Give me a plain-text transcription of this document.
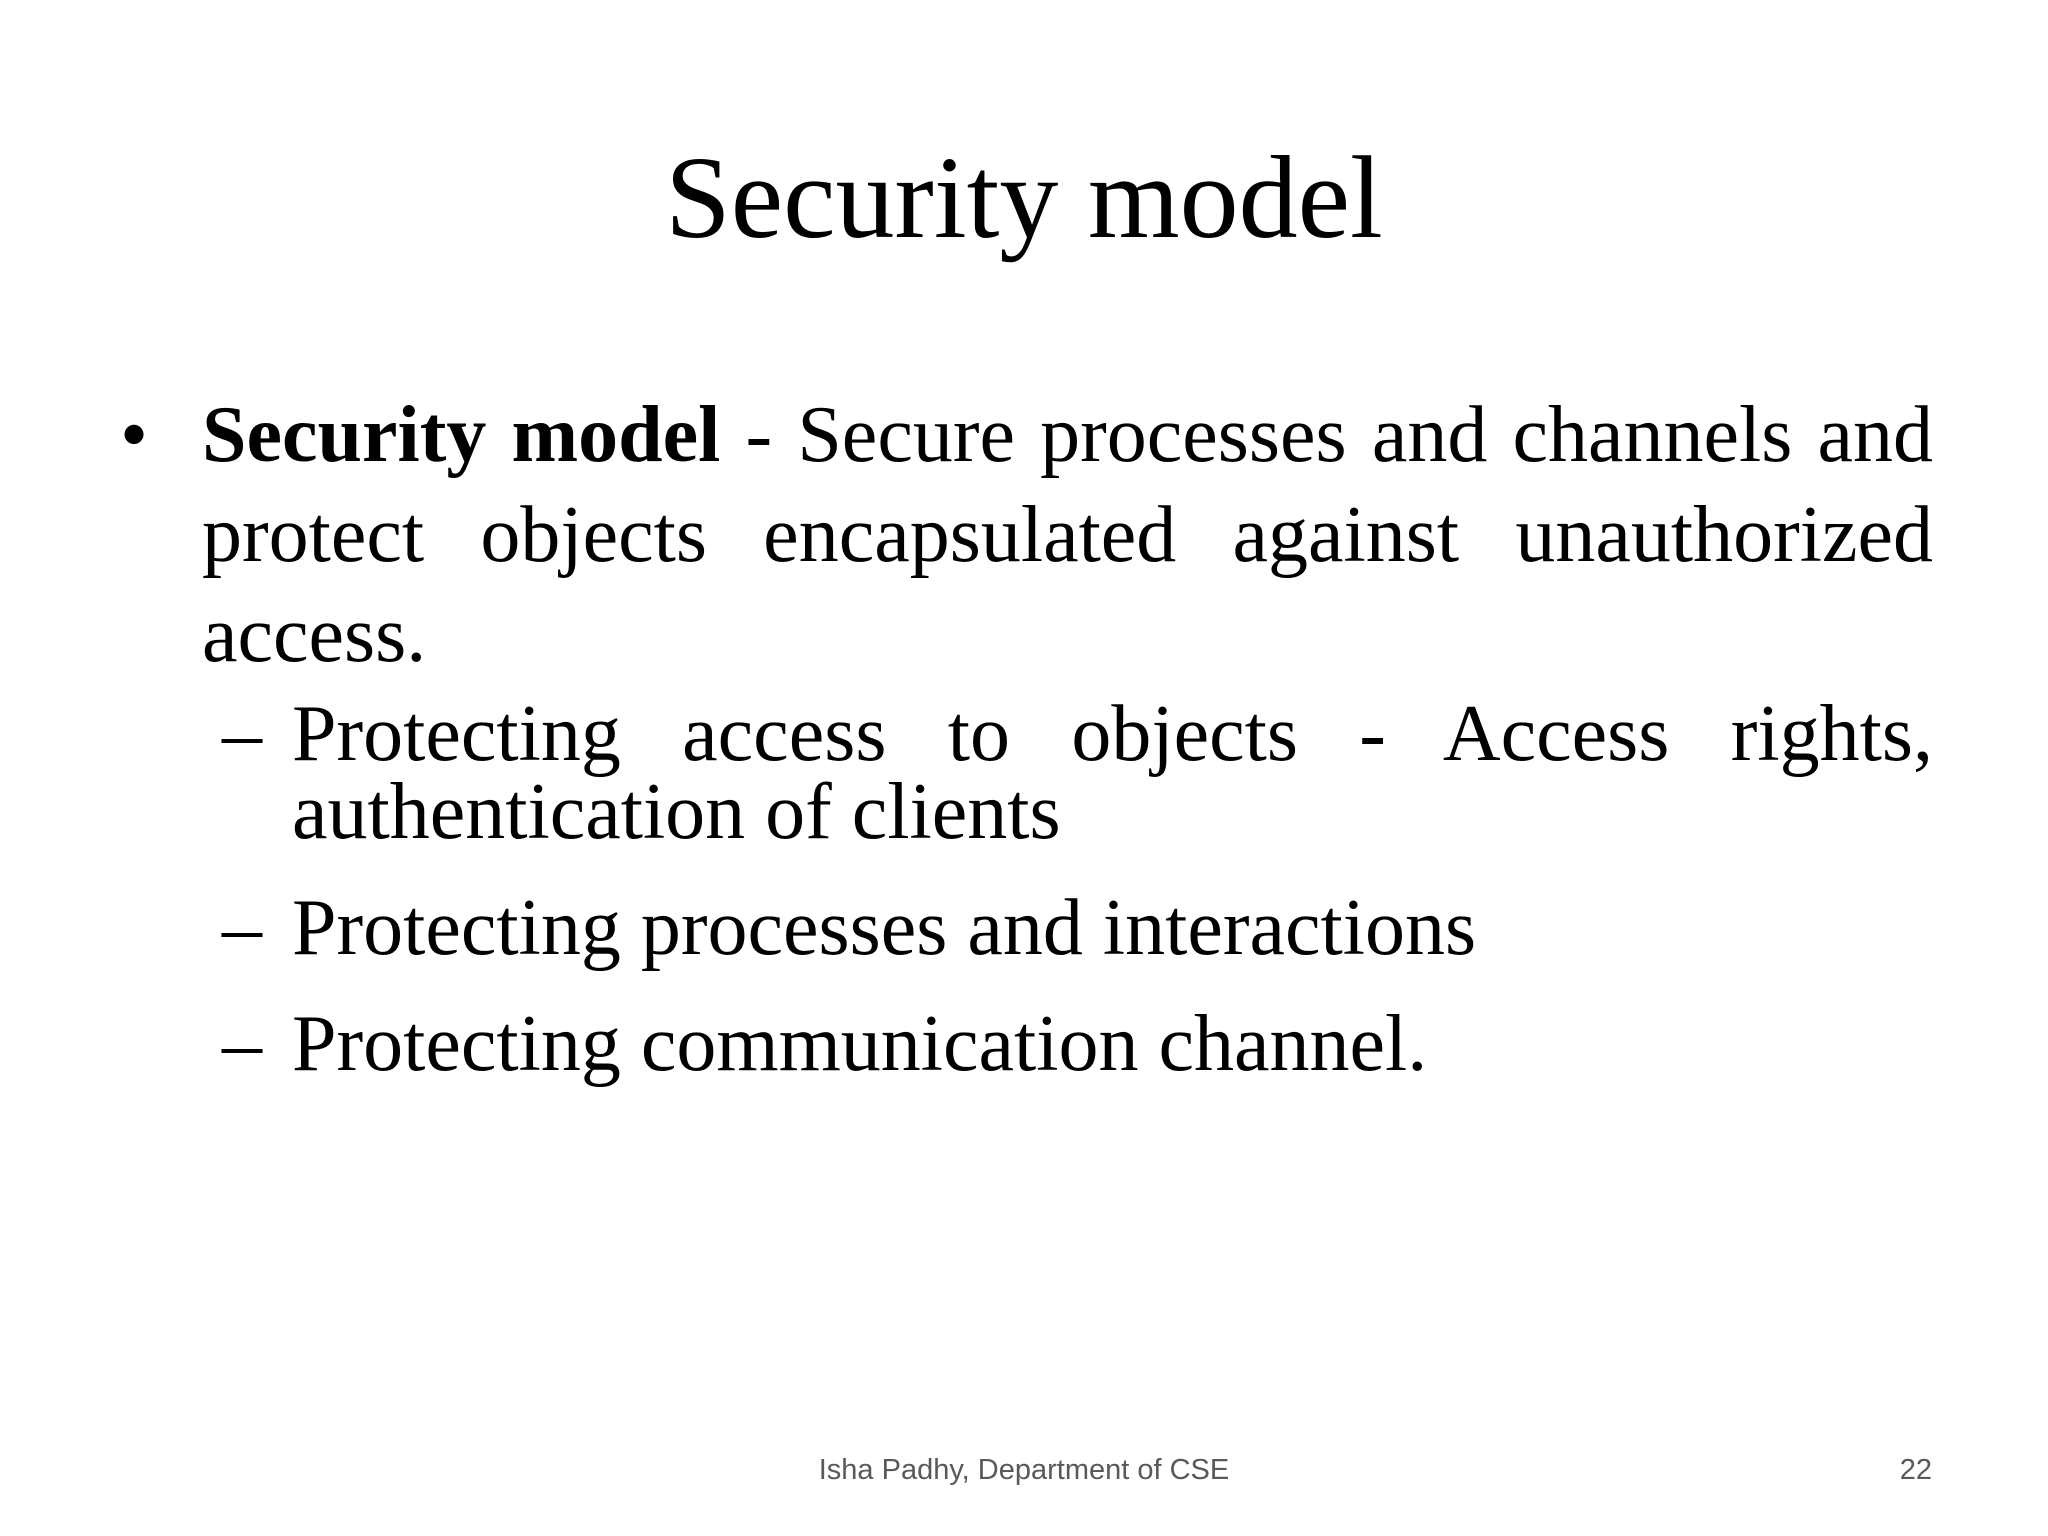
Security model
• Security model - Secure processes and channels and protect objects encapsulated against unauthorized access.
– Protecting access to objects - Access rights, authentication of clients
– Protecting processes and interactions
– Protecting communication channel.
Isha Padhy, Department of CSE	22
